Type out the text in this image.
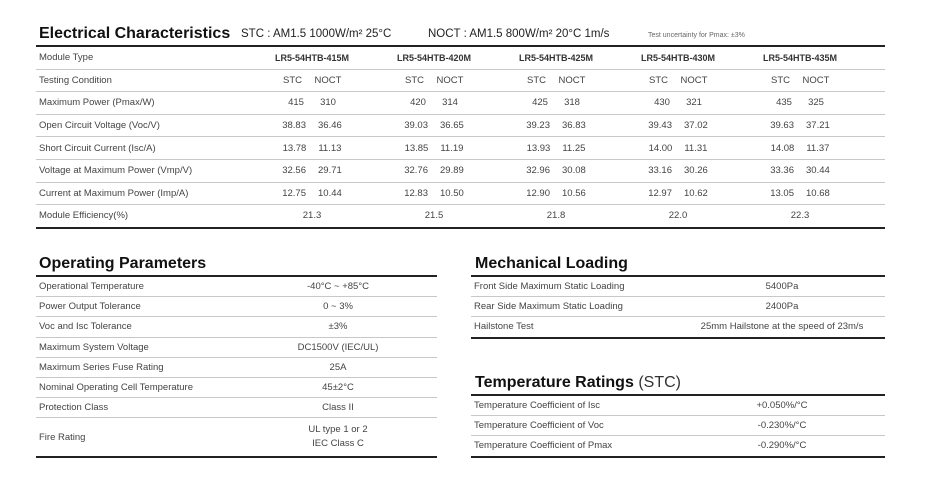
Electrical Characteristics STC : AM1.5 1000W/m² 25°C	NOCT : AM1.5 800W/m² 20°C 1m/s	Test uncertainty for Pmax: ±3%
Module Type	LR5-54HTB-415M	LR5-54HTB-420M	LR5-54HTB-425M	LR5-54HTB-430M	LR5-54HTB-435M	
Testing Condition	STC NOCT	STC NOCT	STC NOCT	STC NOCT	STC NOCT	

Maximum Power (Pmax/W)	415 310	420 314	425 318	430 321	435 325	

Open Circuit Voltage (Voc/V)	38.83 36.46	39.03 36.65	39.23 36.83	39.43 37.02	39.63 37.21	

Short Circuit Current (Isc/A)	13.78 11.13	13.85 11.19	13.93 11.25	14.00 11.31	14.08 11.37	

Voltage at Maximum Power (Vmp/V)	32.56 29.71	32.76 29.89	32.96 30.08	33.16 30.26	33.36 30.44	

Current at Maximum Power (Imp/A)	12.75 10.44	12.83 10.50	12.90 10.56	12.97 10.62	13.05 10.68	

Module Efficiency(%)	21.3	21.5	21.8	22.0	22.3	
Operating Parameters
Operational Temperature	-40°C ~ +85°C
Power Output Tolerance	0 ~ 3%
Voc and Isc Tolerance	±3%
Maximum System Voltage	DC1500V (IEC/UL)
Maximum Series Fuse Rating	25A
Nominal Operating Cell Temperature	45±2°C
Protection Class	Class II
Fire Rating	UL type 1 or 2
IEC Class C
Mechanical Loading
Front Side Maximum Static Loading	5400Pa
Rear Side Maximum Static Loading	2400Pa
Hailstone Test	25mm Hailstone at the speed of 23m/s
Temperature Ratings (STC)
Temperature Coefficient of Isc	+0.050%/°C
Temperature Coefficient of Voc	-0.230%/°C
Temperature Coefficient of Pmax	-0.290%/°C
